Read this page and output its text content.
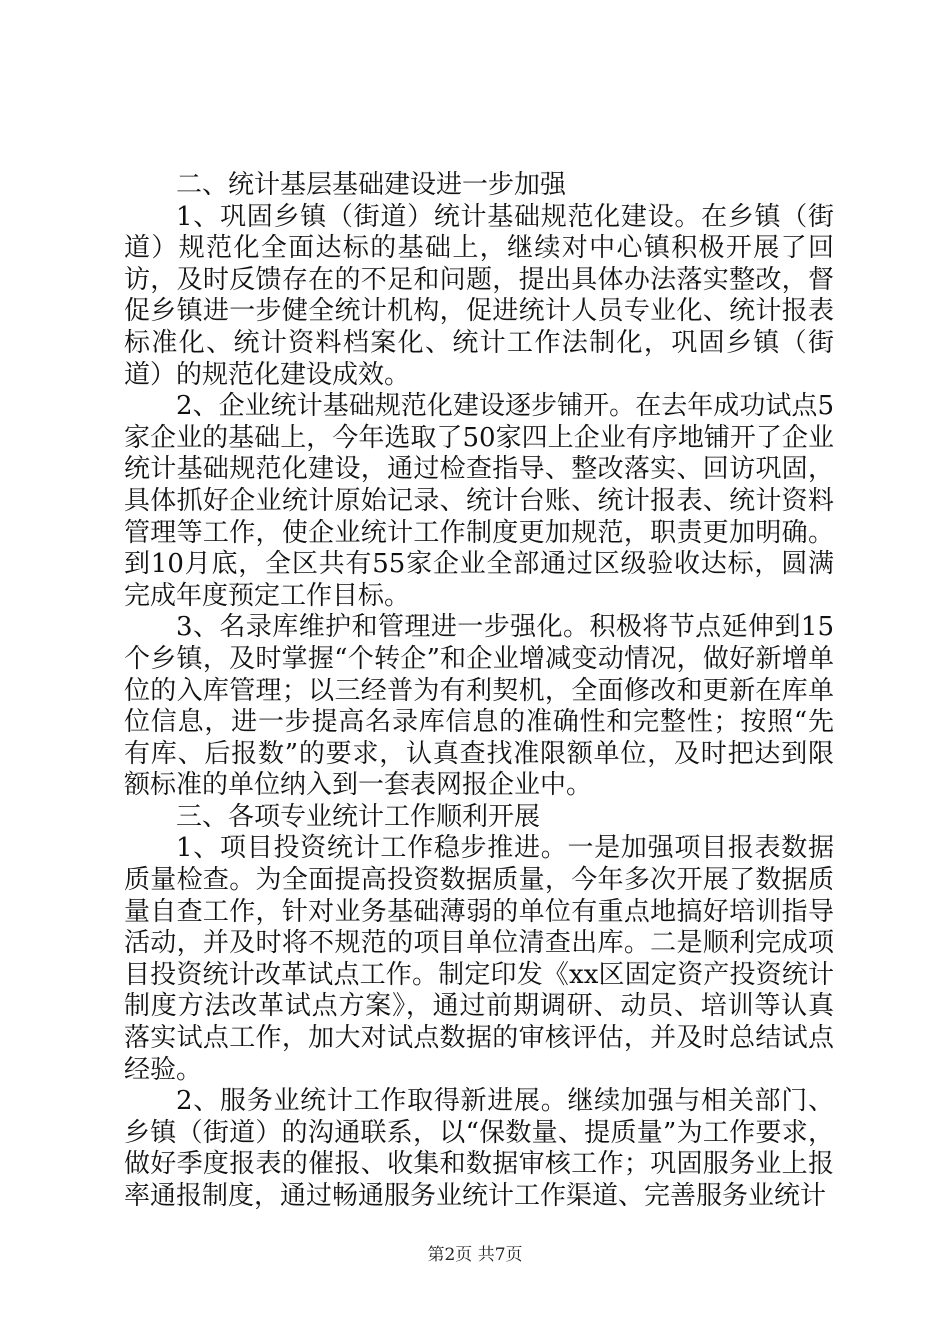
二、统计基层基础建设进一步加强

1、巩固乡镇（街道）统计基础规范化建设。在乡镇（街道）规范化全面达标的基础上，继续对中心镇积极开展了回访，及时反馈存在的不足和问题，提出具体办法落实整改，督促乡镇进一步健全统计机构，促进统计人员专业化、统计报表标准化、统计资料档案化、统计工作法制化，巩固乡镇（街道）的规范化建设成效。

2、企业统计基础规范化建设逐步铺开。在去年成功试点5家企业的基础上，今年选取了50家四上企业有序地铺开了企业统计基础规范化建设，通过检查指导、整改落实、回访巩固，具体抓好企业统计原始记录、统计台账、统计报表、统计资料管理等工作，使企业统计工作制度更加规范，职责更加明确。到10月底，全区共有55家企业全部通过区级验收达标，圆满完成年度预定工作目标。

3、名录库维护和管理进一步强化。积极将节点延伸到15个乡镇，及时掌握“个转企”和企业增减变动情况，做好新增单位的入库管理；以三经普为有利契机，全面修改和更新在库单位信息，进一步提高名录库信息的准确性和完整性；按照“先有库、后报数”的要求，认真查找准限额单位，及时把达到限额标准的单位纳入到一套表网报企业中。

三、各项专业统计工作顺利开展

1、项目投资统计工作稳步推进。一是加强项目报表数据质量检查。为全面提高投资数据质量，今年多次开展了数据质量自查工作，针对业务基础薄弱的单位有重点地搞好培训指导活动，并及时将不规范的项目单位清查出库。二是顺利完成项目投资统计改革试点工作。制定印发《xx区固定资产投资统计制度方法改革试点方案》，通过前期调研、动员、培训等认真落实试点工作，加大对试点数据的审核评估，并及时总结试点经验。

2、服务业统计工作取得新进展。继续加强与相关部门、乡镇（街道）的沟通联系，以“保数量、提质量”为工作要求，做好季度报表的催报、收集和数据审核工作；巩固服务业上报率通报制度，通过畅通服务业统计工作渠道、完善服务业统计

第2页 共7页
